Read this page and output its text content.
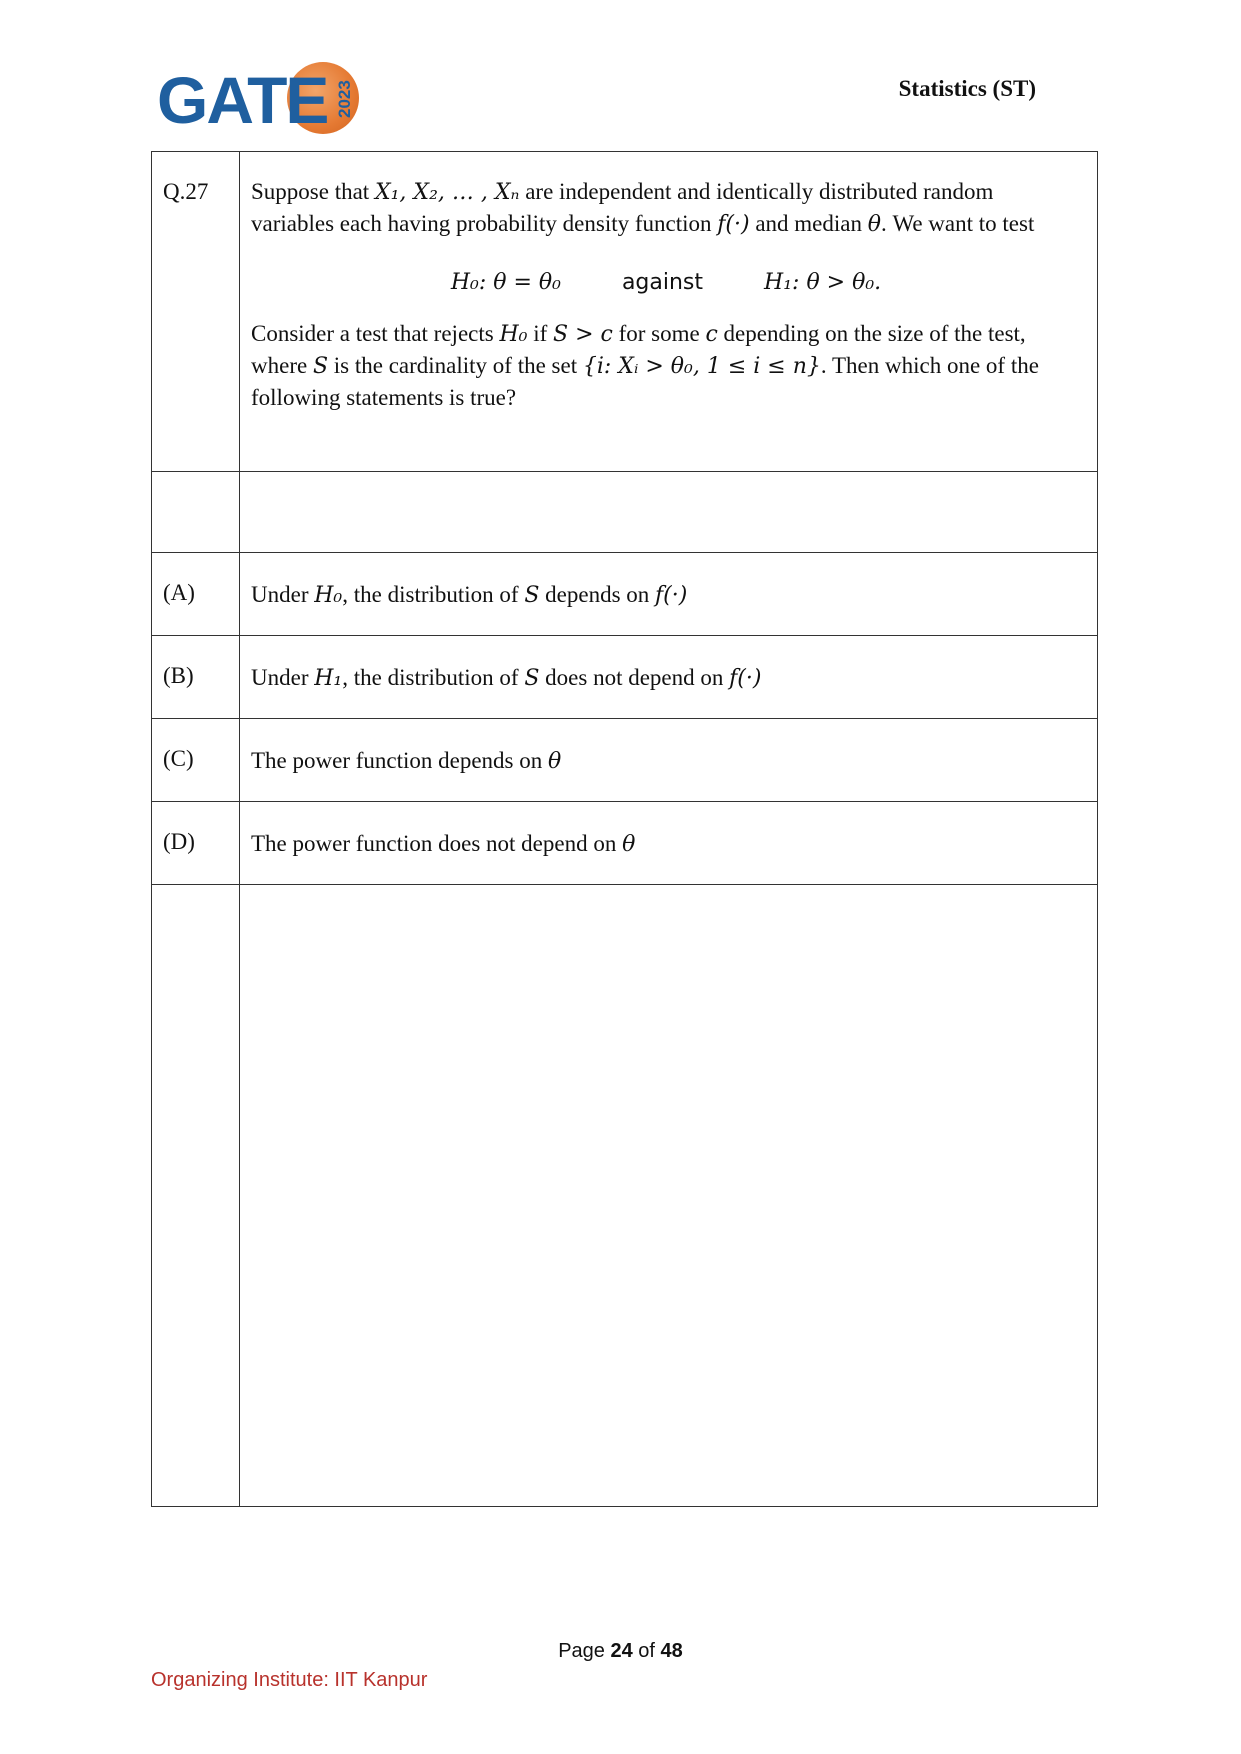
GATE 2023	Statistics (ST)
Q.27	Suppose that X₁, X₂, … , Xₙ are independent and identically distributed random variables each having probability density function f(·) and median θ. We want to test
H₀: θ = θ₀ against H₁: θ > θ₀.
Consider a test that rejects H₀ if S > c for some c depending on the size of the test, where S is the cardinality of the set {i: Xᵢ > θ₀, 1 ≤ i ≤ n}. Then which one of the following statements is true?

(A)	Under H₀, the distribution of S depends on f(·)
(B)	Under H₁, the distribution of S does not depend on f(·)
(C)	The power function depends on θ
(D)	The power function does not depend on θ

Page 24 of 48
Organizing Institute: IIT Kanpur
